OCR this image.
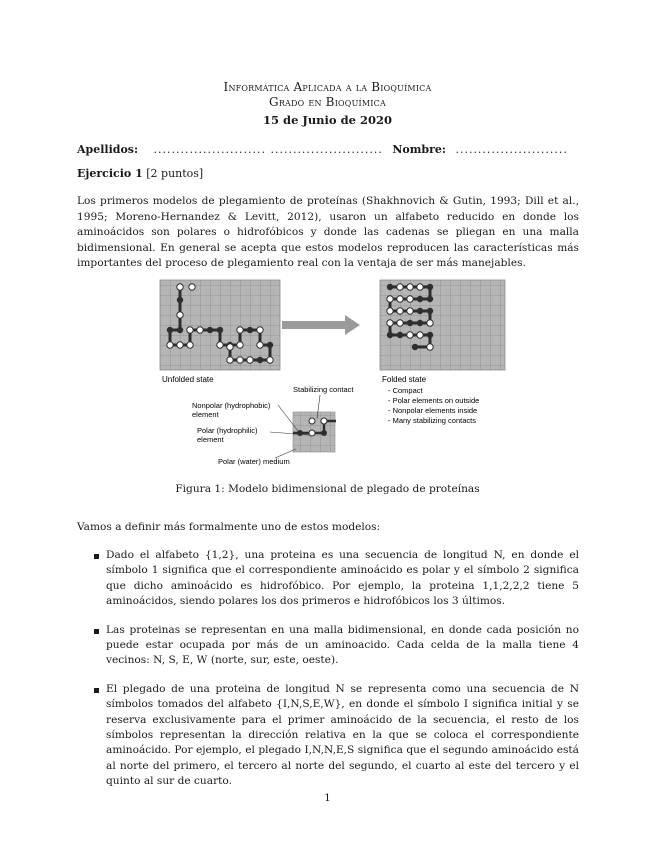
Informática Aplicada a la Bioquímica
Grado en Bioquímica
15 de Junio de 2020
Apellidos: ......................... ......................... Nombre: .........................
Ejercicio 1 [2 puntos]
Los primeros modelos de plegamiento de proteínas (Shakhnovich & Gutin, 1993; Dill et al., 1995; Moreno-Hernandez & Levitt, 2012), usaron un alfabeto reducido en donde los aminoácidos son polares o hidrofóbicos y donde las cadenas se pliegan en una malla bidimensional. En general se acepta que estos modelos reproducen las características más importantes del proceso de plegamiento real con la ventaja de ser más manejables.
Unfolded state	Folded state
- Compact
- Polar elements on outside
- Nonpolar elements inside
- Many stabilizing contacts
Stabilizing contact
Nonpolar (hydrophobic)
element
Polar (hydrophilic)
element
Polar (water) medium
Figura 1: Modelo bidimensional de plegado de proteínas
Vamos a definir más formalmente uno de estos modelos:
Dado el alfabeto {1,2}, una proteina es una secuencia de longitud N, en donde el símbolo 1 significa que el correspondiente aminoácido es polar y el símbolo 2 significa que dicho aminoácido es hidrofóbico. Por ejemplo, la proteina 1,1,2,2,2 tiene 5 aminoácidos, siendo polares los dos primeros e hidrofóbicos los 3 últimos.
Las proteinas se representan en una malla bidimensional, en donde cada posición no puede estar ocupada por más de un aminoacido. Cada celda de la malla tiene 4 vecinos: N, S, E, W (norte, sur, este, oeste).
El plegado de una proteina de longitud N se representa como una secuencia de N símbolos tomados del alfabeto {I,N,S,E,W}, en donde el símbolo I significa initial y se reserva exclusivamente para el primer aminoácido de la secuencia, el resto de los símbolos representan la dirección relativa en la que se coloca el correspondiente aminoácido. Por ejemplo, el plegado I,N,N,E,S significa que el segundo aminoácido está al norte del primero, el tercero al norte del segundo, el cuarto al este del tercero y el quinto al sur de cuarto.
1
